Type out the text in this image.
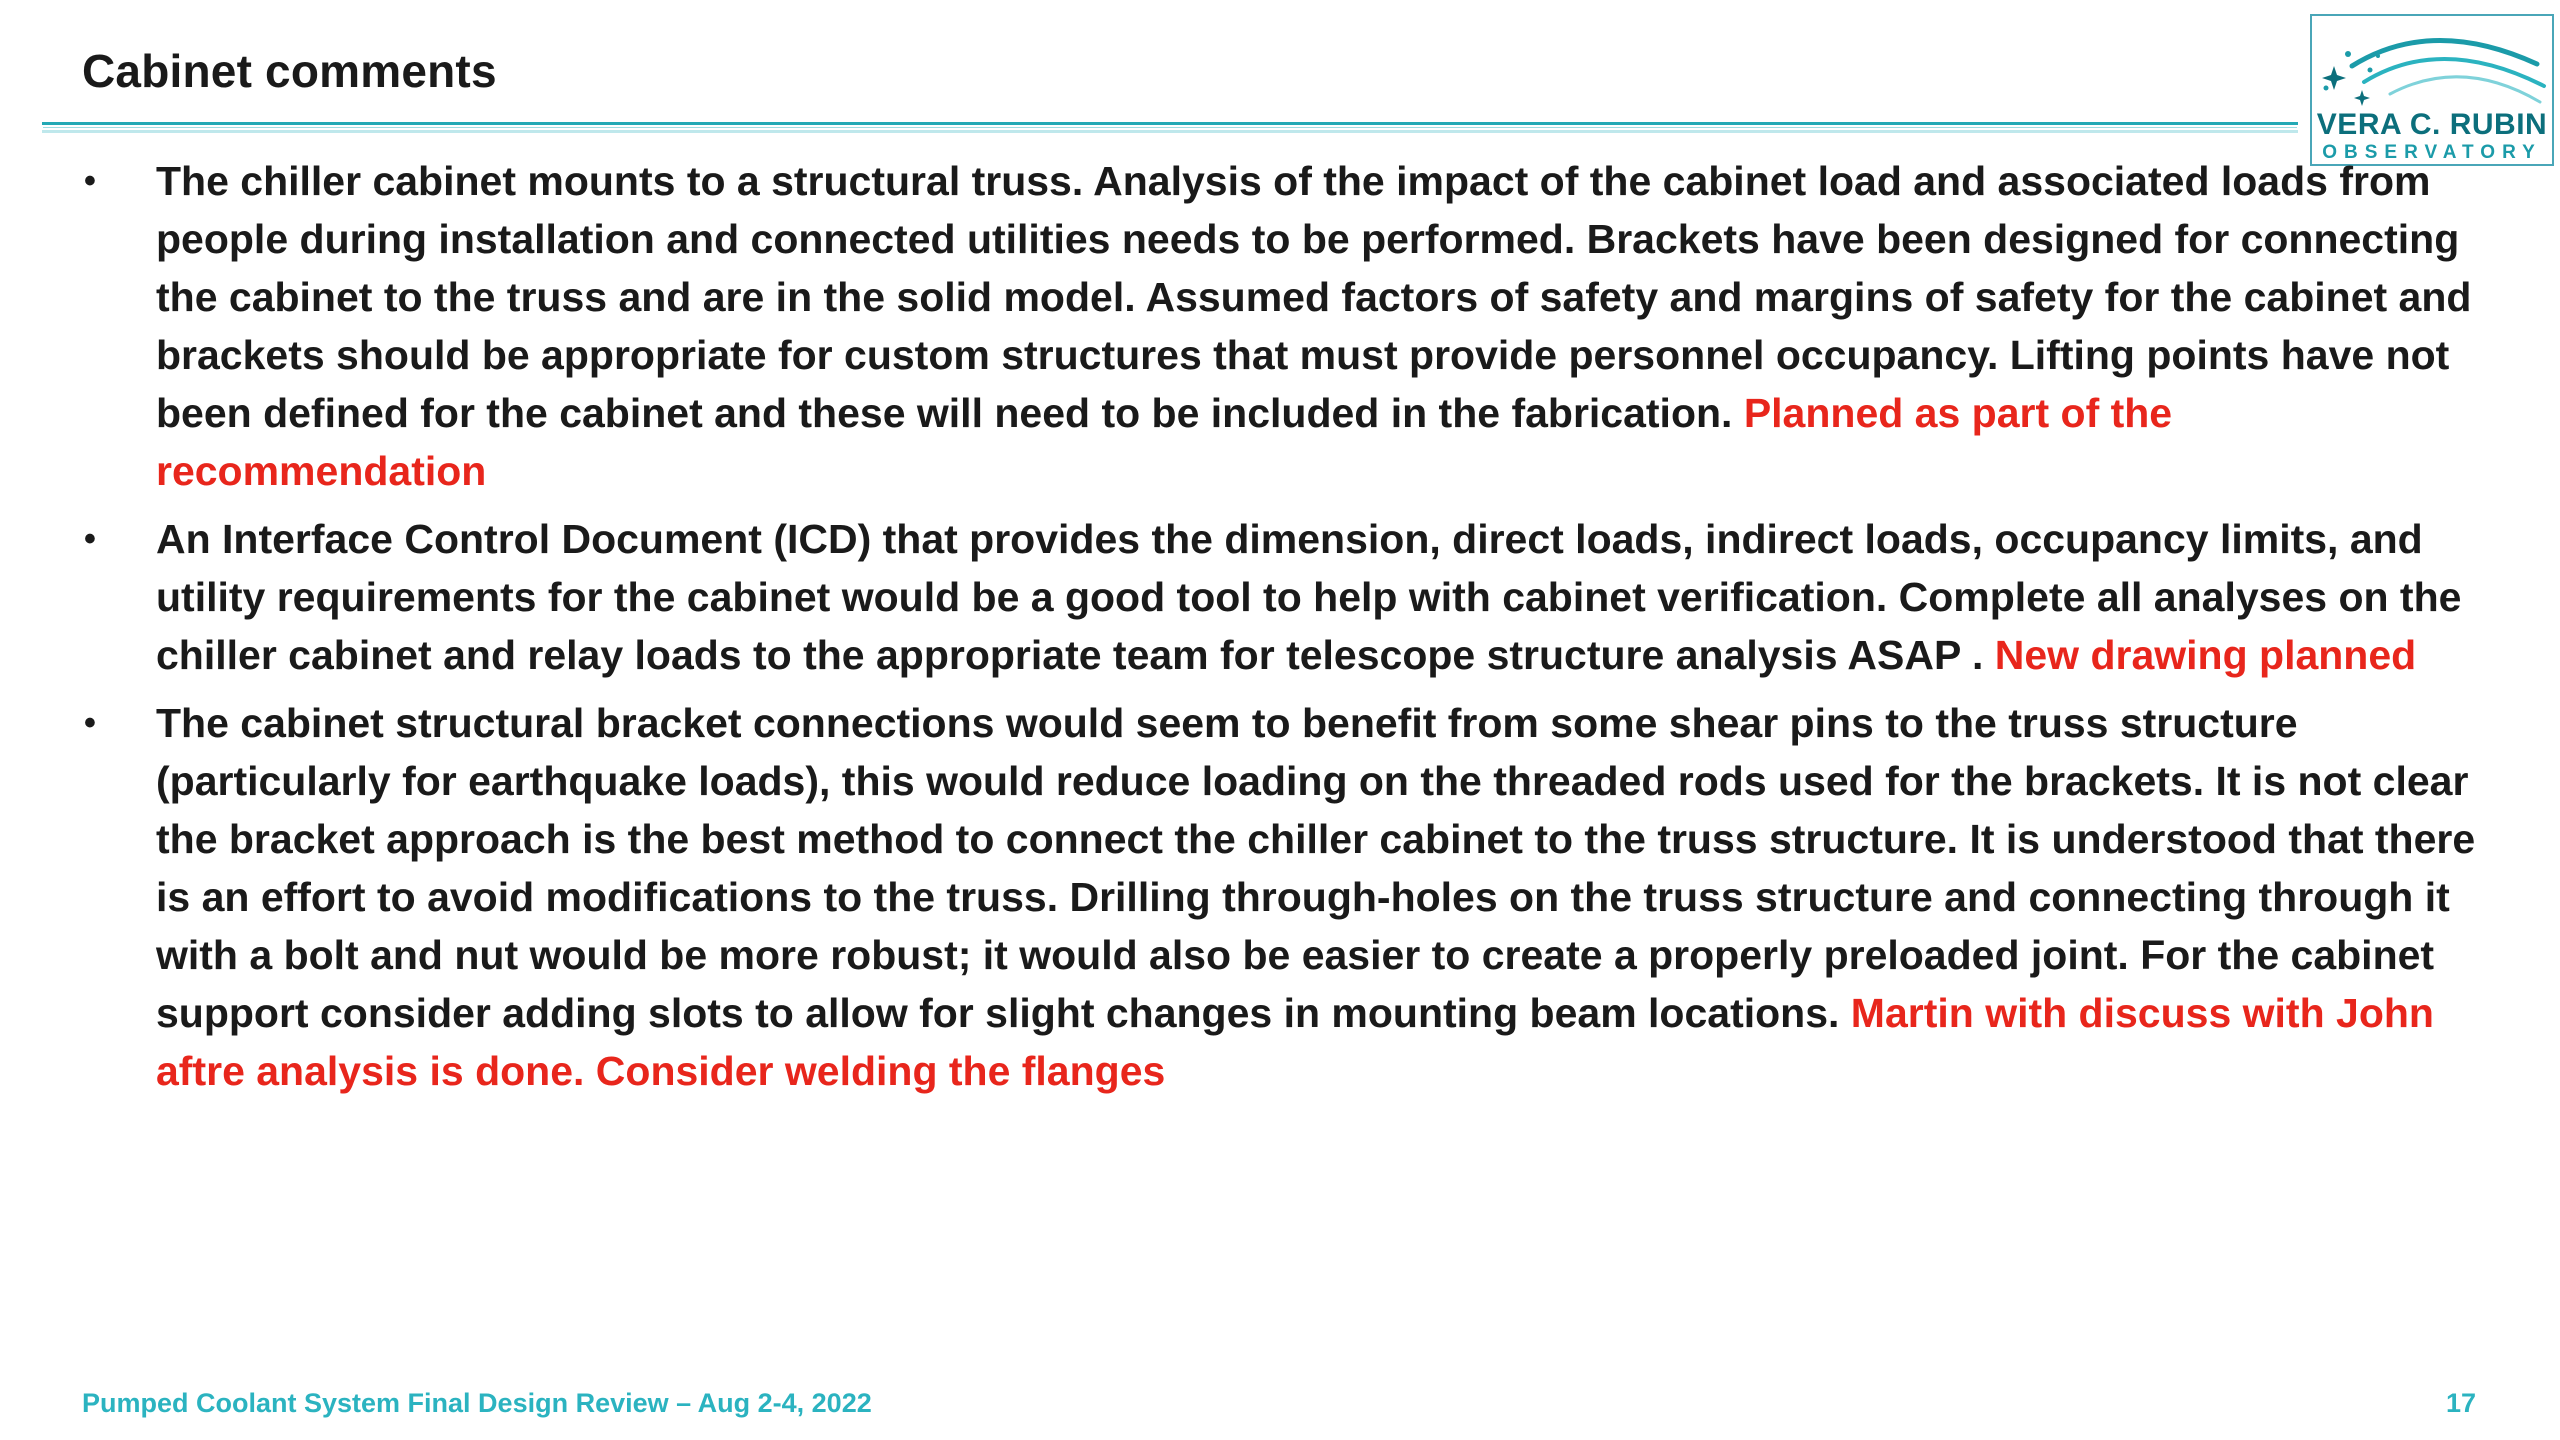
Cabinet comments
VERA C. RUBIN
OBSERVATORY
• The chiller cabinet mounts to a structural truss. Analysis of the impact of the cabinet load and associated loads from people during installation and connected utilities needs to be performed. Brackets have been designed for connecting the cabinet to the truss and are in the solid model. Assumed factors of safety and margins of safety for the cabinet and brackets should be appropriate for custom structures that must provide personnel occupancy. Lifting points have not been defined for the cabinet and these will need to be included in the fabrication. Planned as part of the recommendation
• An Interface Control Document (ICD) that provides the dimension, direct loads, indirect loads, occupancy limits, and utility requirements for the cabinet would be a good tool to help with cabinet verification. Complete all analyses on the chiller cabinet and relay loads to the appropriate team for telescope structure analysis ASAP . New drawing planned
• The cabinet structural bracket connections would seem to benefit from some shear pins to the truss structure (particularly for earthquake loads), this would reduce loading on the threaded rods used for the brackets. It is not clear the bracket approach is the best method to connect the chiller cabinet to the truss structure. It is understood that there is an effort to avoid modifications to the truss. Drilling through-holes on the truss structure and connecting through it with a bolt and nut would be more robust; it would also be easier to create a properly preloaded joint. For the cabinet support consider adding slots to allow for slight changes in mounting beam locations. Martin with discuss with John aftre analysis is done. Consider welding the flanges
Pumped Coolant System Final Design Review – Aug 2-4, 2022	17
